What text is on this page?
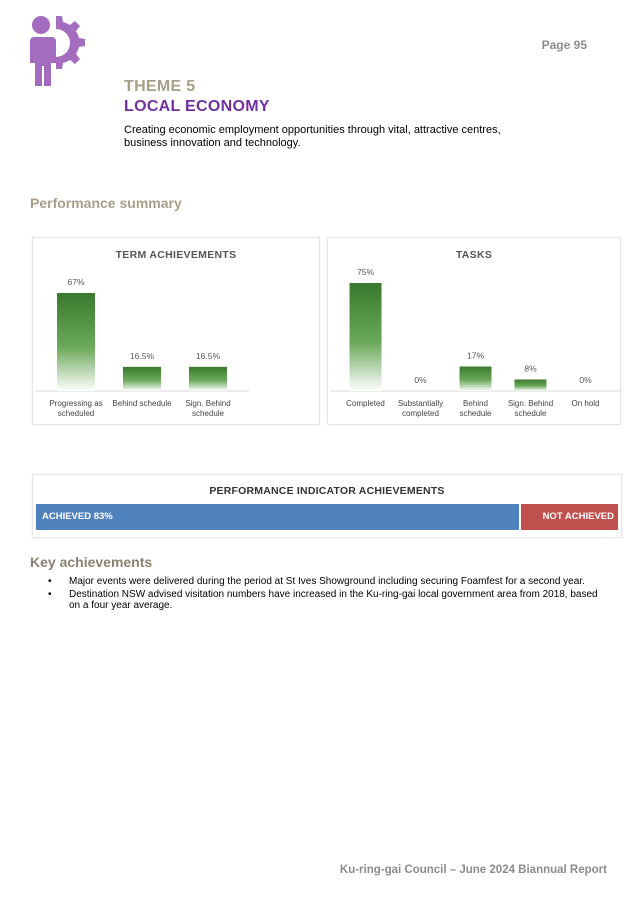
Page 95
THEME 5
LOCAL ECONOMY
Creating economic employment opportunities through vital, attractive centres, business innovation and technology.
Performance summary
TERM ACHIEVEMENTS
67%
Progressing as
scheduled
16.5%
Behind schedule
16.5%
Sign. Behind
schedule
TASKS
75%
Completed
0%
Substantially
completed
17%
Behind
schedule
8%
Sign. Behind
schedule
0%
On hold
PERFORMANCE INDICATOR ACHIEVEMENTS
ACHIEVED 83%	NOT ACHIEVED 17%
Key achievements
• Major events were delivered during the period at St Ives Showground including securing Foamfest for a second year.
• Destination NSW advised visitation numbers have increased in the Ku-ring-gai local government area from 2018, based on a four year average.
Ku-ring-gai Council – June 2024 Biannual Report
